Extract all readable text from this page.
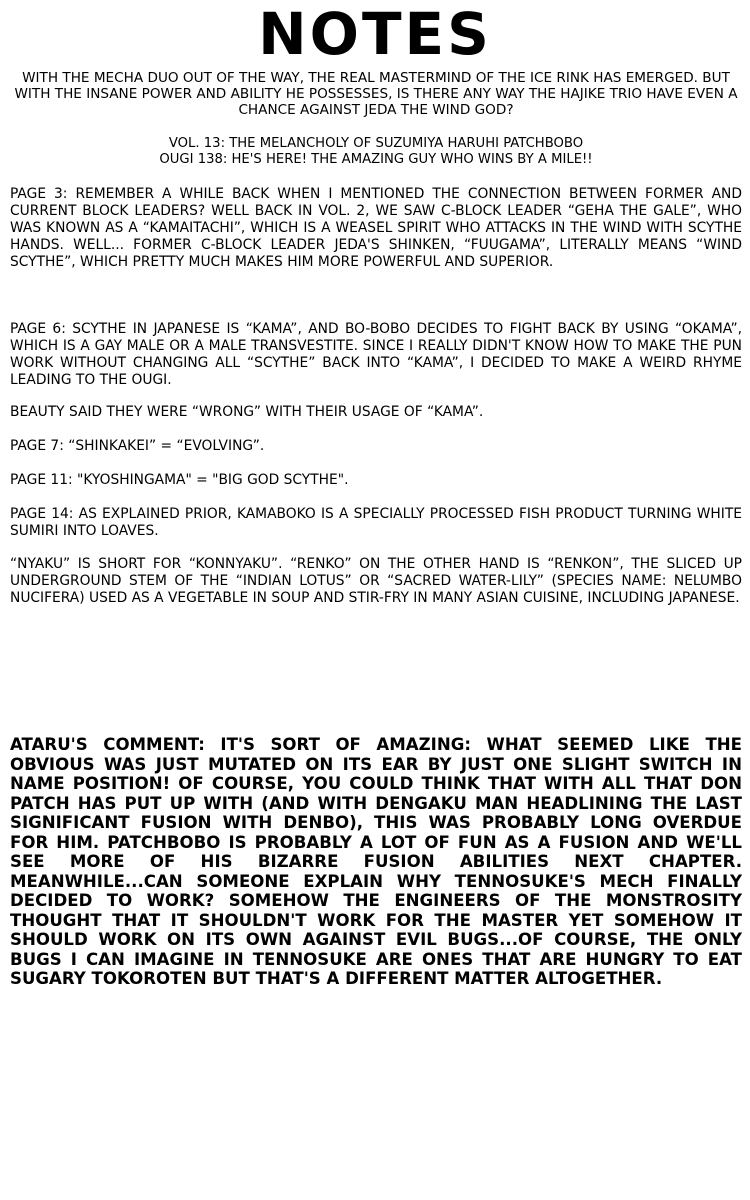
NOTES
WITH THE MECHA DUO OUT OF THE WAY, THE REAL MASTERMIND OF THE ICE RINK HAS EMERGED. BUT WITH THE INSANE POWER AND ABILITY HE POSSESSES, IS THERE ANY WAY THE HAJIKE TRIO HAVE EVEN A CHANCE AGAINST JEDA THE WIND GOD?
VOL. 13: THE MELANCHOLY OF SUZUMIYA HARUHI PATCHBOBO
OUGI 138: HE'S HERE! THE AMAZING GUY WHO WINS BY A MILE!!
PAGE 3: REMEMBER A WHILE BACK WHEN I MENTIONED THE CONNECTION BETWEEN FORMER AND CURRENT BLOCK LEADERS? WELL BACK IN VOL. 2, WE SAW C-BLOCK LEADER “GEHA THE GALE”, WHO WAS KNOWN AS A “KAMAITACHI”, WHICH IS A WEASEL SPIRIT WHO ATTACKS IN THE WIND WITH SCYTHE HANDS. WELL... FORMER C-BLOCK LEADER JEDA'S SHINKEN, “FUUGAMA”, LITERALLY MEANS “WIND SCYTHE”, WHICH PRETTY MUCH MAKES HIM MORE POWERFUL AND SUPERIOR.
PAGE 6: SCYTHE IN JAPANESE IS “KAMA”, AND BO-BOBO DECIDES TO FIGHT BACK BY USING “OKAMA”, WHICH IS A GAY MALE OR A MALE TRANSVESTITE. SINCE I REALLY DIDN'T KNOW HOW TO MAKE THE PUN WORK WITHOUT CHANGING ALL “SCYTHE” BACK INTO “KAMA”, I DECIDED TO MAKE A WEIRD RHYME LEADING TO THE OUGI.
BEAUTY SAID THEY WERE “WRONG” WITH THEIR USAGE OF “KAMA”.
PAGE 7: “SHINKAKEI” = “EVOLVING”.
PAGE 11: "KYOSHINGAMA" = "BIG GOD SCYTHE".
PAGE 14: AS EXPLAINED PRIOR, KAMABOKO IS A SPECIALLY PROCESSED FISH PRODUCT TURNING WHITE SUMIRI INTO LOAVES.
“NYAKU” IS SHORT FOR “KONNYAKU”. “RENKO” ON THE OTHER HAND IS “RENKON”, THE SLICED UP UNDERGROUND STEM OF THE “INDIAN LOTUS” OR “SACRED WATER-LILY” (SPECIES NAME: NELUMBO NUCIFERA) USED AS A VEGETABLE IN SOUP AND STIR-FRY IN MANY ASIAN CUISINE, INCLUDING JAPANESE.
ATARU'S COMMENT: IT'S SORT OF AMAZING: WHAT SEEMED LIKE THE OBVIOUS WAS JUST MUTATED ON ITS EAR BY JUST ONE SLIGHT SWITCH IN NAME POSITION! OF COURSE, YOU COULD THINK THAT WITH ALL THAT DON PATCH HAS PUT UP WITH (AND WITH DENGAKU MAN HEADLINING THE LAST SIGNIFICANT FUSION WITH DENBO), THIS WAS PROBABLY LONG OVERDUE FOR HIM. PATCHBOBO IS PROBABLY A LOT OF FUN AS A FUSION AND WE'LL SEE MORE OF HIS BIZARRE FUSION ABILITIES NEXT CHAPTER. MEANWHILE...CAN SOMEONE EXPLAIN WHY TENNOSUKE'S MECH FINALLY DECIDED TO WORK? SOMEHOW THE ENGINEERS OF THE MONSTROSITY THOUGHT THAT IT SHOULDN'T WORK FOR THE MASTER YET SOMEHOW IT SHOULD WORK ON ITS OWN AGAINST EVIL BUGS...OF COURSE, THE ONLY BUGS I CAN IMAGINE IN TENNOSUKE ARE ONES THAT ARE HUNGRY TO EAT SUGARY TOKOROTEN BUT THAT'S A DIFFERENT MATTER ALTOGETHER.
